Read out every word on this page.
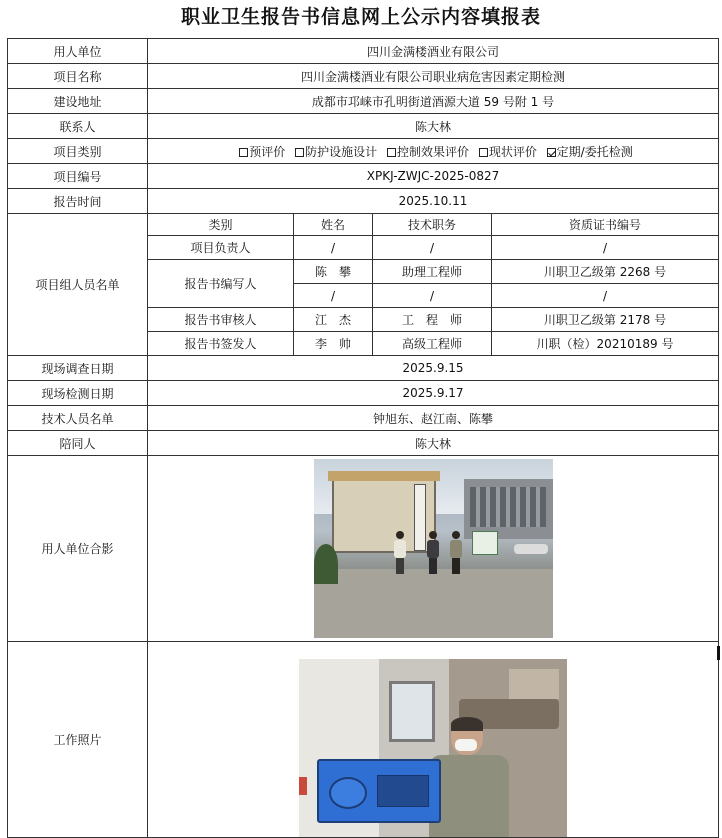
职业卫生报告书信息网上公示内容填报表
用人单位	四川金满楼酒业有限公司			
项目名称	四川金满楼酒业有限公司职业病危害因素定期检测			
建设地址	成都市邛崃市孔明街道酒源大道 59 号附 1 号			
联系人	陈大林			
项目类别	预评价 防护设施设计 控制效果评价 现状评价 定期/委托检测			
项目编号	XPKJ-ZWJC-2025-0827			
报告时间	2025.10.11			
项目组人员名单	类别	姓名	技术职务	资质证书编号
	项目负责人	/	/	/
	报告书编写人	陈　攀	助理工程师	川职卫乙级第 2268 号
		/	/	/
	报告书审核人	江　杰	工　程　师	川职卫乙级第 2178 号
	报告书签发人	李　帅	高级工程师	川职（检）20210189 号
现场调查日期	2025.9.15			
现场检测日期	2025.9.17			
技术人员名单	钟旭东、赵江南、陈攀			
陪同人	陈大林			
用人单位合影				

工作照片				
